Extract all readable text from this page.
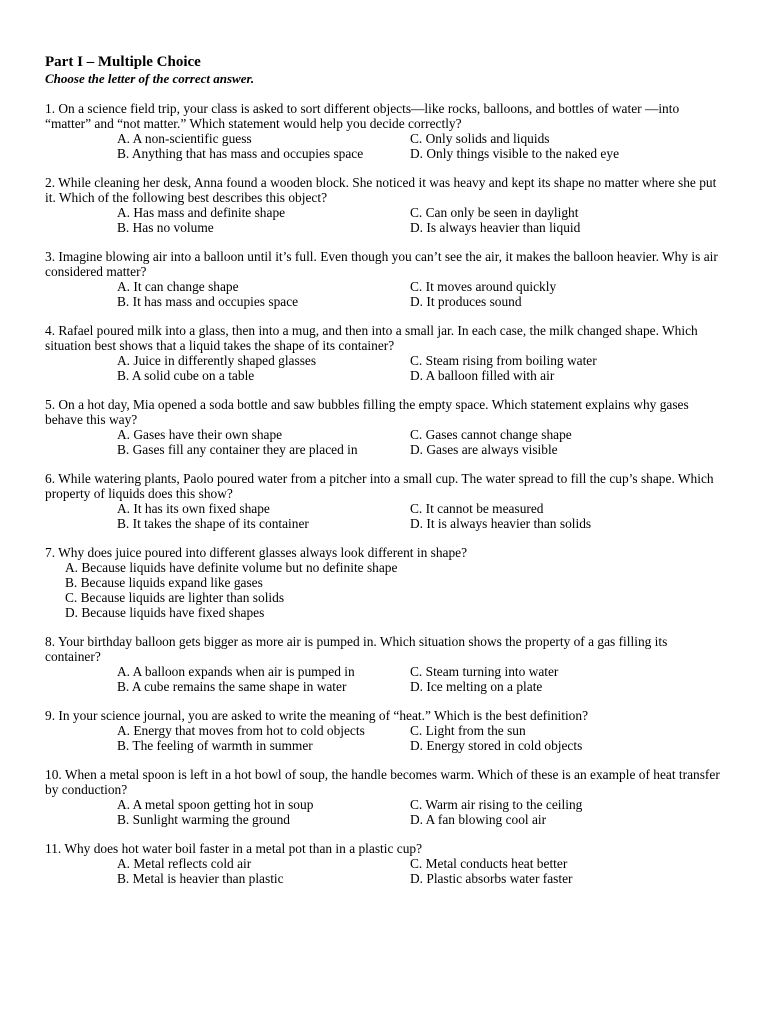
Part I – Multiple Choice
Choose the letter of the correct answer.
1. On a science field trip, your class is asked to sort different objects—like rocks, balloons, and bottles of water —into “matter” and “not matter.” Which statement would help you decide correctly?
A. A non-scientific guess	C. Only solids and liquids
B. Anything that has mass and occupies space	D. Only things visible to the naked eye
2. While cleaning her desk, Anna found a wooden block. She noticed it was heavy and kept its shape no matter where she put it. Which of the following best describes this object?
A. Has mass and definite shape	C. Can only be seen in daylight
B. Has no volume	D. Is always heavier than liquid
3. Imagine blowing air into a balloon until it’s full. Even though you can’t see the air, it makes the balloon heavier. Why is air considered matter?
A. It can change shape	C. It moves around quickly
B. It has mass and occupies space	D. It produces sound
4. Rafael poured milk into a glass, then into a mug, and then into a small jar. In each case, the milk changed shape. Which situation best shows that a liquid takes the shape of its container?
A. Juice in differently shaped glasses	C. Steam rising from boiling water
B. A solid cube on a table	D. A balloon filled with air
5. On a hot day, Mia opened a soda bottle and saw bubbles filling the empty space. Which statement explains why gases behave this way?
A. Gases have their own shape	C. Gases cannot change shape
B. Gases fill any container they are placed in	D. Gases are always visible
6. While watering plants, Paolo poured water from a pitcher into a small cup. The water spread to fill the cup’s shape. Which property of liquids does this show?
A. It has its own fixed shape	C. It cannot be measured
B. It takes the shape of its container	D. It is always heavier than solids
7. Why does juice poured into different glasses always look different in shape?
A. Because liquids have definite volume but no definite shape
B. Because liquids expand like gases
C. Because liquids are lighter than solids
D. Because liquids have fixed shapes
8. Your birthday balloon gets bigger as more air is pumped in. Which situation shows the property of a gas filling its container?
A. A balloon expands when air is pumped in	C. Steam turning into water
B. A cube remains the same shape in water	D. Ice melting on a plate
9. In your science journal, you are asked to write the meaning of “heat.” Which is the best definition?
A. Energy that moves from hot to cold objects	C. Light from the sun
B. The feeling of warmth in summer	D. Energy stored in cold objects
10. When a metal spoon is left in a hot bowl of soup, the handle becomes warm. Which of these is an example of heat transfer by conduction?
A. A metal spoon getting hot in soup	C. Warm air rising to the ceiling
B. Sunlight warming the ground	D. A fan blowing cool air
11. Why does hot water boil faster in a metal pot than in a plastic cup?
A. Metal reflects cold air	C. Metal conducts heat better
B. Metal is heavier than plastic	D. Plastic absorbs water faster
